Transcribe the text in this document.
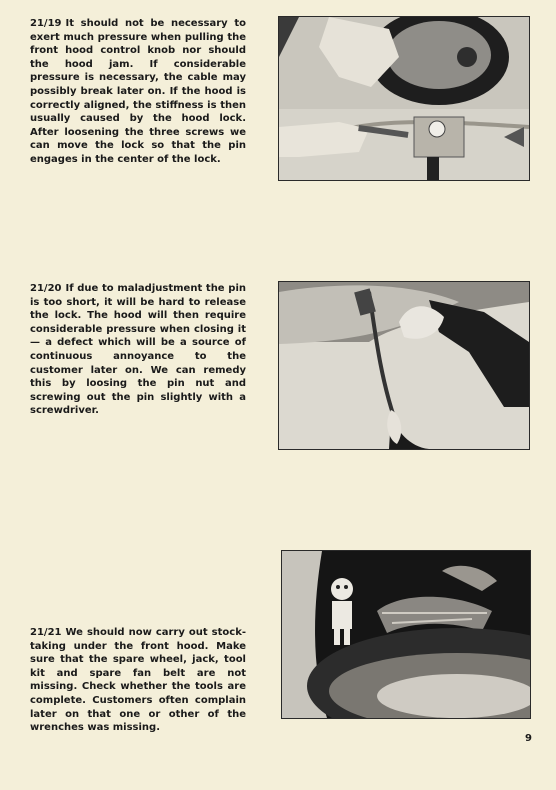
21/19 It should not be necessary to exert much pressure when pulling the front hood control knob nor should the hood jam. If considerable pressure is necessary, the cable may possibly break later on. If the hood is correctly aligned, the stiffness is then usually caused by the hood lock. After loosening the three screws we can move the lock so that the pin engages in the center of the lock.

21/20 If due to maladjustment the pin is too short, it will be hard to release the lock. The hood will then require considerable pressure when closing it — a defect which will be a source of continuous annoyance to the customer later on. We can remedy this by loosing the pin nut and screwing out the pin slightly with a screwdriver.

21/21 We should now carry out stock-taking under the front hood. Make sure that the spare wheel, jack, tool kit and spare fan belt are not missing. Check whether the tools are complete. Customers often complain later on that one or other of the wrenches was missing.

9
